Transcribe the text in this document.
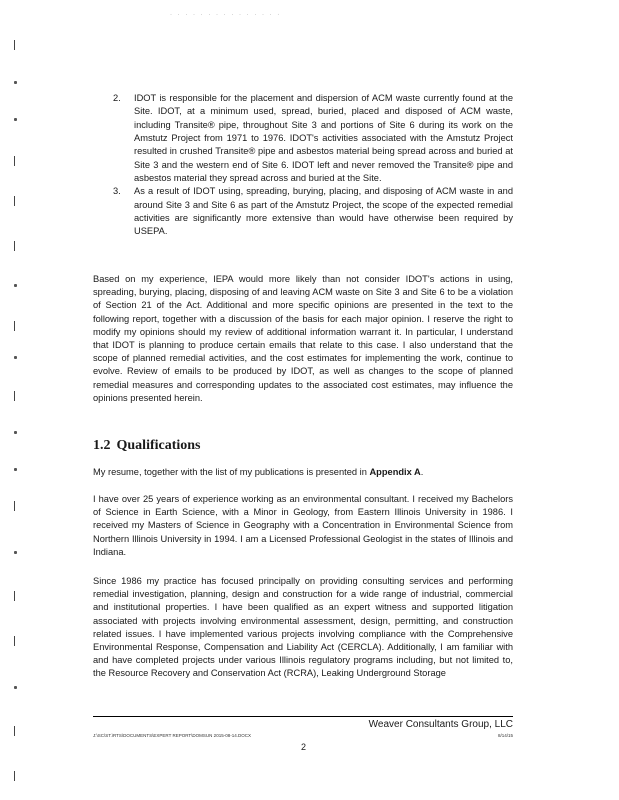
· · · · · · · · · · · · · · ·
2. IDOT is responsible for the placement and dispersion of ACM waste currently found at the Site. IDOT, at a minimum used, spread, buried, placed and disposed of ACM waste, including Transite® pipe, throughout Site 3 and portions of Site 6 during its work on the Amstutz Project from 1971 to 1976. IDOT's activities associated with the Amstutz Project resulted in crushed Transite® pipe and asbestos material being spread across and buried at Site 3 and the western end of Site 6. IDOT left and never removed the Transite® pipe and asbestos material they spread across and buried at the Site.
3. As a result of IDOT using, spreading, burying, placing, and disposing of ACM waste in and around Site 3 and Site 6 as part of the Amstutz Project, the scope of the expected remedial activities are significantly more extensive than would have otherwise been required by USEPA.
Based on my experience, IEPA would more likely than not consider IDOT's actions in using, spreading, burying, placing, disposing of and leaving ACM waste on Site 3 and Site 6 to be a violation of Section 21 of the Act. Additional and more specific opinions are presented in the text to the following report, together with a discussion of the basis for each major opinion. I reserve the right to modify my opinions should my review of additional information warrant it. In particular, I understand that IDOT is planning to produce certain emails that relate to this case. I also understand that the scope of planned remedial activities, and the cost estimates for implementing the work, continue to evolve. Review of emails to be produced by IDOT, as well as changes to the scope of planned remedial measures and corresponding updates to the associated cost estimates, may influence the opinions presented herein.
1.2 Qualifications
My resume, together with the list of my publications is presented in Appendix A.
I have over 25 years of experience working as an environmental consultant. I received my Bachelors of Science in Earth Science, with a Minor in Geology, from Eastern Illinois University in 1986. I received my Masters of Science in Geography with a Concentration in Environmental Science from Northern Illinois University in 1994. I am a Licensed Professional Geologist in the states of Illinois and Indiana.
Since 1986 my practice has focused principally on providing consulting services and performing remedial investigation, planning, design and construction for a wide range of industrial, commercial and institutional properties. I have been qualified as an expert witness and supported litigation associated with projects involving environmental assessment, design, permitting, and construction related issues. I have implemented various projects involving compliance with the Comprehensive Environmental Response, Compensation and Liability Act (CERCLA). Additionally, I am familiar with and have completed projects under various Illinois regulatory programs including, but not limited to, the Resource Recovery and Conservation Act (RCRA), Leaking Underground Storage
Weaver Consultants Group, LLC
J:\SC\ST.\RTS\DOCUMENTS\EXPERT REPORT\DOMSUN 2015-08-14.DOCX	8/14/15
2
